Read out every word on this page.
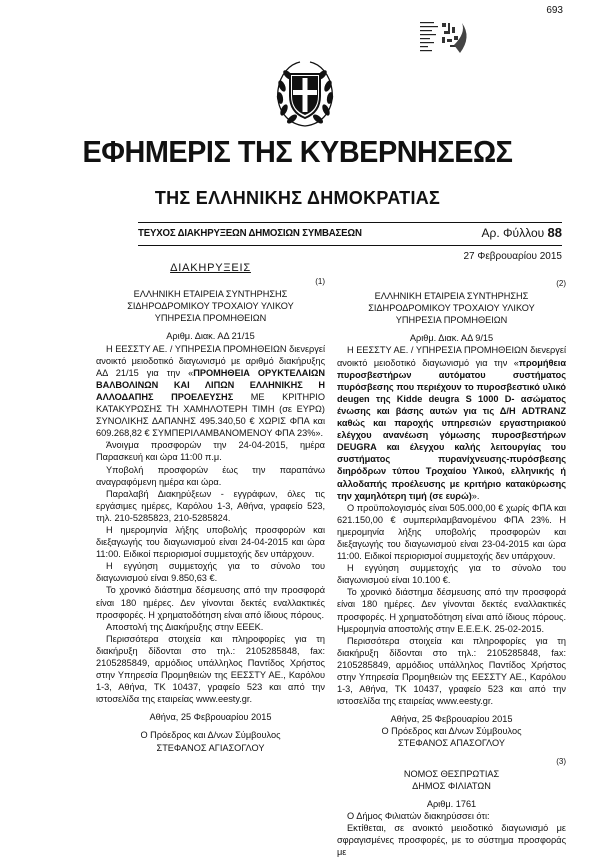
693
ΕΦΗΜΕΡΙΣ ΤΗΣ ΚΥΒΕΡΝΗΣΕΩΣ
ΤΗΣ ΕΛΛΗΝΙΚΗΣ ΔΗΜΟΚΡΑΤΙΑΣ
ΤΕΥΧΟΣ ΔΙΑΚΗΡΥΞΕΩΝ ΔΗΜΟΣΙΩΝ ΣΥΜΒΑΣΕΩΝ	Αρ. Φύλλου 88
27 Φεβρουαρίου 2015
ΔΙΑΚΗΡΥΞΕΙΣ

(1)

ΕΛΛΗΝΙΚΗ ΕΤΑΙΡΕΙΑ ΣΥΝΤΗΡΗΣΗΣ

ΣΙΔΗΡΟΔΡΟΜΙΚΟΥ ΤΡΟΧΑΙΟΥ ΥΛΙΚΟΥ

ΥΠΗΡΕΣΙΑ ΠΡΟΜΗΘΕΙΩΝ

Αριθμ. Διακ. ΑΔ 21/15

Η ΕΕΣΣΤΥ ΑΕ. / ΥΠΗΡΕΣΙΑ ΠΡΟΜΗΘΕΙΩΝ διενεργεί ανοικτό μειοδοτικό διαγωνισμό με αριθμό διακήρυξης ΑΔ 21/15 για την «ΠΡΟΜΗΘΕΙΑ ΟΡΥΚΤΕΛΑΙΩΝ ΒΑΛΒΟΛΙΝΩΝ ΚΑΙ ΛΙΠΩΝ ΕΛΛΗΝΙΚΗΣ Η ΑΛΛΟΔΑΠΗΣ ΠΡΟΕΛΕΥΣΗΣ ΜΕ ΚΡΙΤΗΡΙΟ ΚΑΤΑΚΥΡΩΣΗΣ ΤΗ ΧΑΜΗΛΟΤΕΡΗ ΤΙΜΗ (σε ΕΥΡΩ) ΣΥΝΟΛΙΚΗΣ ΔΑΠΑΝΗΣ 495.340,50 € ΧΩΡΙΣ ΦΠΑ και 609.268,82 € ΣΥΜΠΕΡΙΛΑΜΒΑΝΟΜΕΝΟΥ ΦΠΑ 23%».

Άνοιγμα προσφορών την 24-04-2015, ημέρα Παρασκευή και ώρα 11:00 π.μ.

Υποβολή προσφορών έως την παραπάνω αναγραφόμενη ημέρα και ώρα.

Παραλαβή Διακηρύξεων - εγγράφων, όλες τις εργάσιμες ημέρες, Καρόλου 1-3, Αθήνα, γραφείο 523, τηλ. 210-5285823, 210-5285824.

Η ημερομηνία λήξης υποβολής προσφορών και διεξαγωγής του διαγωνισμού είναι 24-04-2015 και ώρα 11:00. Ειδικοί περιορισμοί συμμετοχής δεν υπάρχουν.

Η εγγύηση συμμετοχής για το σύνολο του διαγωνισμού είναι 9.850,63 €.

Το χρονικό διάστημα δέσμευσης από την προσφορά είναι 180 ημέρες. Δεν γίνονται δεκτές εναλλακτικές προσφορές. Η χρηματοδότηση είναι από ίδιους πόρους.

Αποστολή της Διακήρυξης στην ΕΕΕΚ.

Περισσότερα στοιχεία και πληροφορίες για τη διακήρυξη δίδονται στο τηλ.: 2105285848, fax: 2105285849, αρμόδιος υπάλληλος Παντίδος Χρήστος στην Υπηρεσία Προμηθειών της ΕΕΣΣΤΥ ΑΕ., Καρόλου 1-3, Αθήνα, ΤΚ 10437, γραφείο 523 και από την ιστοσελίδα της εταιρείας www.eesty.gr.

Αθήνα, 25 Φεβρουαρίου 2015

Ο Πρόεδρος και Δ/νων Σύμβουλος

ΣΤΕΦΑΝΟΣ ΑΓΙΑΣΟΓΛΟΥ

(2)

ΕΛΛΗΝΙΚΗ ΕΤΑΙΡΕΙΑ ΣΥΝΤΗΡΗΣΗΣ

ΣΙΔΗΡΟΔΡΟΜΙΚΟΥ ΤΡΟΧΑΙΟΥ ΥΛΙΚΟΥ

ΥΠΗΡΕΣΙΑ ΠΡΟΜΗΘΕΙΩΝ

Αριθμ. Διακ. ΑΔ 9/15

Η ΕΕΣΣΤΥ ΑΕ. / ΥΠΗΡΕΣΙΑ ΠΡΟΜΗΘΕΙΩΝ διενεργεί ανοικτό μειοδοτικό διαγωνισμό για την «προμήθεια πυροσβεστήρων αυτόματου συστήματος πυρόσβεσης που περιέχουν το πυροσβεστικό υλικό deugen της Kidde deugra S 1000 D- ασώματος ένωσης και βάσης αυτών για τις Δ/Η ADTRANZ καθώς και παροχής υπηρεσιών εργαστηριακού ελέγχου ανανέωση γόμωσης πυροσβεστήρων DEUGRA και έλεγχου καλής λειτουργίας του συστήματος πυρανίχνευσης-πυρόσβεσης διηρόδρων τύπου Τροχαίου Υλικού, ελληνικής ή αλλοδαπής προέλευσης με κριτήριο κατακύρωσης την χαμηλότερη τιμή (σε ευρώ)».

Ο προϋπολογισμός είναι 505.000,00 € χωρίς ΦΠΑ και 621.150,00 € συμπεριλαμβανομένου ΦΠΑ 23%. Η ημερομηνία λήξης υποβολής προσφορών και διεξαγωγής του διαγωνισμού είναι 23-04-2015 και ώρα 11:00. Ειδικοί περιορισμοί συμμετοχής δεν υπάρχουν.

Η εγγύηση συμμετοχής για το σύνολο του διαγωνισμού είναι 10.100 €.

Το χρονικό διάστημα δέσμευσης από την προσφορά είναι 180 ημέρες. Δεν γίνονται δεκτές εναλλακτικές προσφορές. Η χρηματοδότηση είναι από ίδιους πόρους. Ημερομηνία αποστολής στην Ε.Ε.Ε.Κ. 25-02-2015.

Περισσότερα στοιχεία και πληροφορίες για τη διακήρυξη δίδονται στο τηλ.: 2105285848, fax: 2105285849, αρμόδιος υπάλληλος Παντίδος Χρήστος στην Υπηρεσία Προμηθειών της ΕΕΣΣΤΥ ΑΕ., Καρόλου 1-3, Αθήνα, ΤΚ 10437, γραφείο 523 και από την ιστοσελίδα της εταιρείας www.eesty.gr.

Αθήνα, 25 Φεβρουαρίου 2015

Ο Πρόεδρος και Δ/νων Σύμβουλος

ΣΤΕΦΑΝΟΣ ΑΠΑΣΟΓΛΟΥ

(3)

ΝΟΜΟΣ ΘΕΣΠΡΩΤΙΑΣ

ΔΗΜΟΣ ΦΙΛΙΑΤΩΝ

Αριθμ. 1761

Ο Δήμος Φιλιατών διακηρύσσει ότι:

Εκτίθεται, σε ανοικτό μειοδοτικό διαγωνισμό με σφραγισμένες προσφορές, με το σύστημα προσφοράς με
